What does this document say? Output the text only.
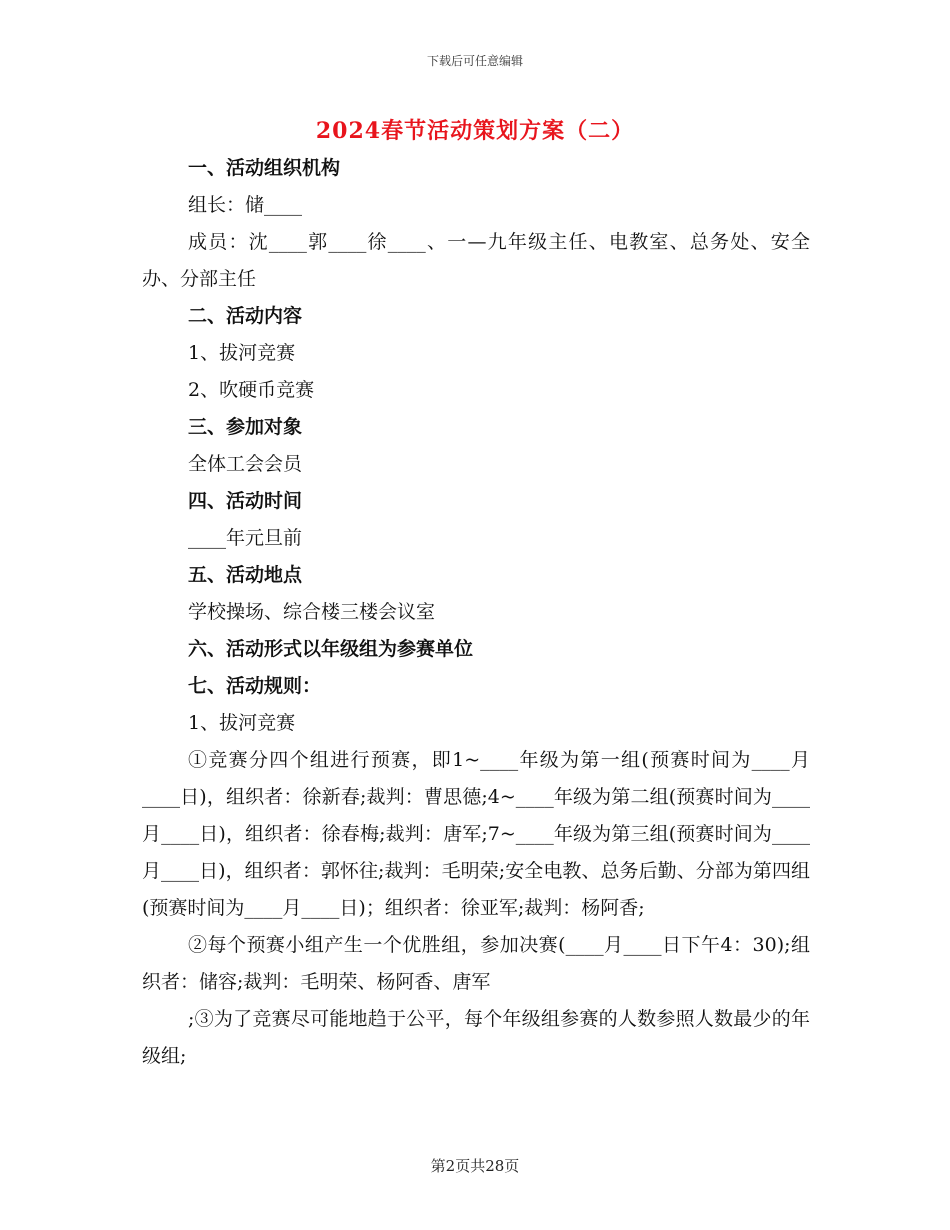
下载后可任意编辑
2024春节活动策划方案（二）

一、活动组织机构

组长：储____

成员：沈____郭____徐____、一—九年级主任、电教室、总务处、安全办、分部主任

二、活动内容

1、拔河竞赛

2、吹硬币竞赛

三、参加对象

全体工会会员

四、活动时间

____年元旦前

五、活动地点

学校操场、综合楼三楼会议室

六、活动形式以年级组为参赛单位

七、活动规则：

1、拔河竞赛

①竞赛分四个组进行预赛，即1~____年级为第一组(预赛时间为____月____日)，组织者：徐新春;裁判：曹思德;4~____年级为第二组(预赛时间为____月____日)，组织者：徐春梅;裁判：唐军;7~____年级为第三组(预赛时间为____月____日)，组织者：郭怀往;裁判：毛明荣;安全电教、总务后勤、分部为第四组(预赛时间为____月____日)；组织者：徐亚军;裁判：杨阿香;

②每个预赛小组产生一个优胜组，参加决赛(____月____日下午4：30);组织者：储容;裁判：毛明荣、杨阿香、唐军

;③为了竞赛尽可能地趋于公平，每个年级组参赛的人数参照人数最少的年级组;

第2页共28页
